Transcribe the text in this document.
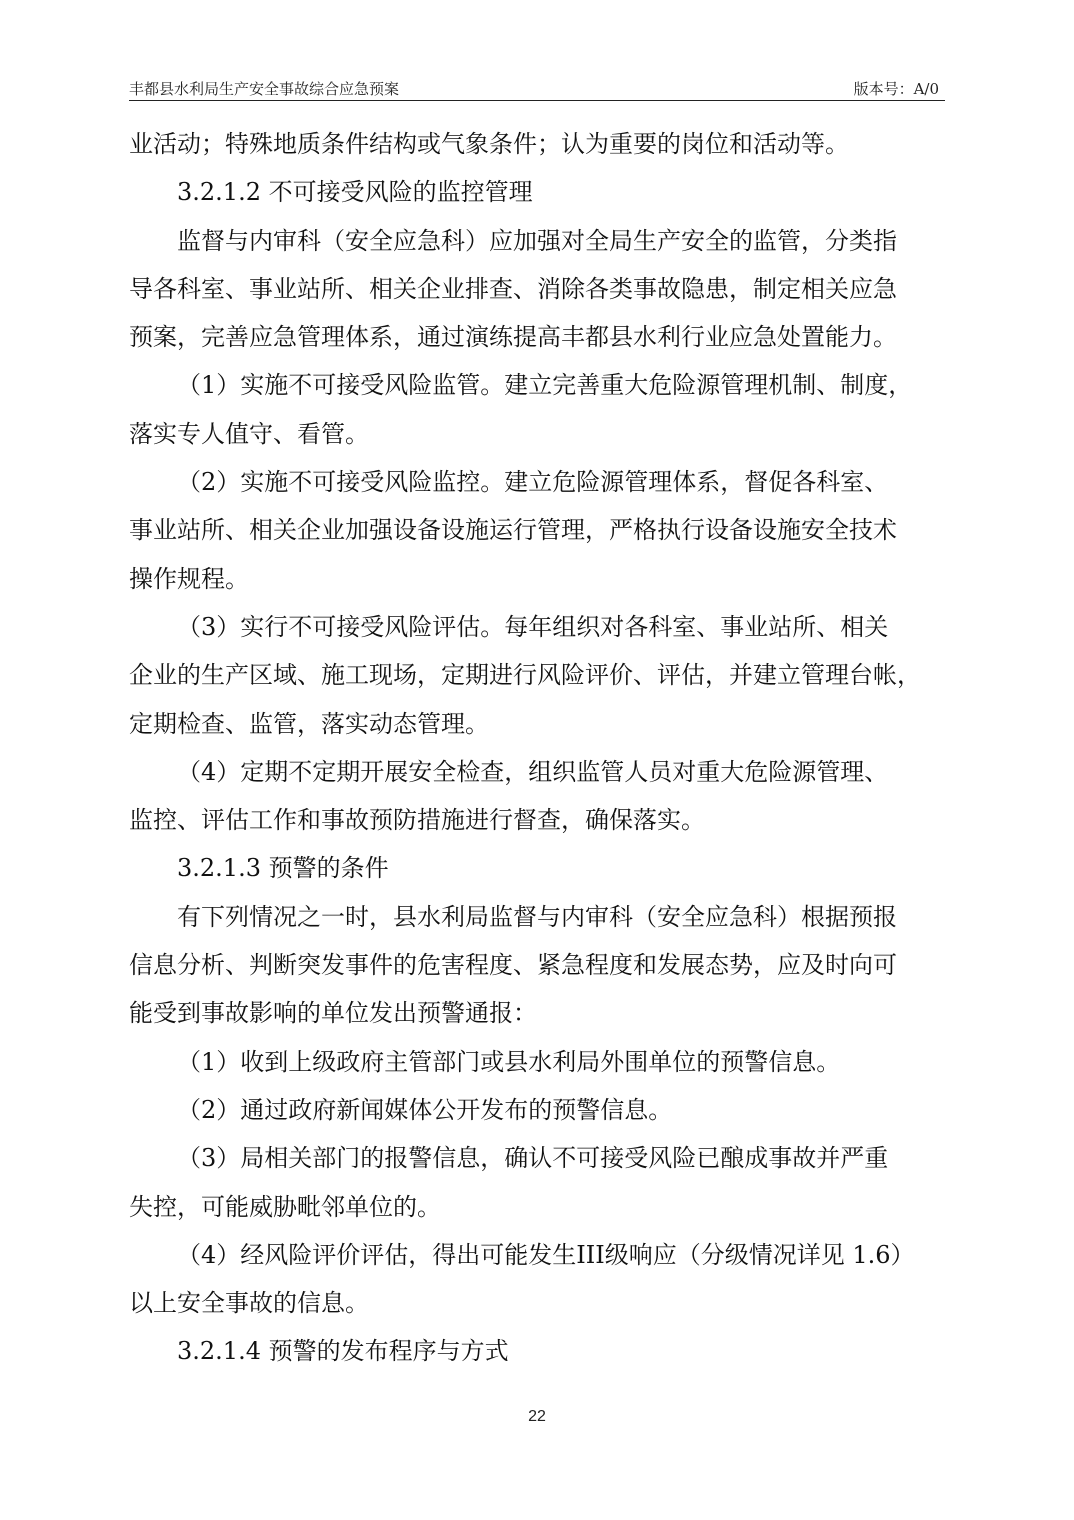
丰都县水利局生产安全事故综合应急预案	版本号：A/0

业活动；特殊地质条件结构或气象条件；认为重要的岗位和活动等。

3.2.1.2 不可接受风险的监控管理

监督与内审科（安全应急科）应加强对全局生产安全的监管，分类指

导各科室、事业站所、相关企业排查、消除各类事故隐患，制定相关应急

预案，完善应急管理体系，通过演练提高丰都县水利行业应急处置能力。

（1）实施不可接受风险监管。建立完善重大危险源管理机制、制度，

落实专人值守、看管。

（2）实施不可接受风险监控。建立危险源管理体系，督促各科室、

事业站所、相关企业加强设备设施运行管理，严格执行设备设施安全技术

操作规程。

（3）实行不可接受风险评估。每年组织对各科室、事业站所、相关

企业的生产区域、施工现场，定期进行风险评价、评估，并建立管理台帐，

定期检查、监管，落实动态管理。

（4）定期不定期开展安全检查，组织监管人员对重大危险源管理、

监控、评估工作和事故预防措施进行督查，确保落实。

3.2.1.3 预警的条件

有下列情况之一时，县水利局监督与内审科（安全应急科）根据预报

信息分析、判断突发事件的危害程度、紧急程度和发展态势，应及时向可

能受到事故影响的单位发出预警通报：

（1）收到上级政府主管部门或县水利局外围单位的预警信息。

（2）通过政府新闻媒体公开发布的预警信息。

（3）局相关部门的报警信息，确认不可接受风险已酿成事故并严重

失控，可能威胁毗邻单位的。

（4）经风险评价评估，得出可能发生III级响应（分级情况详见 1.6）

以上安全事故的信息。

3.2.1.4 预警的发布程序与方式

22
